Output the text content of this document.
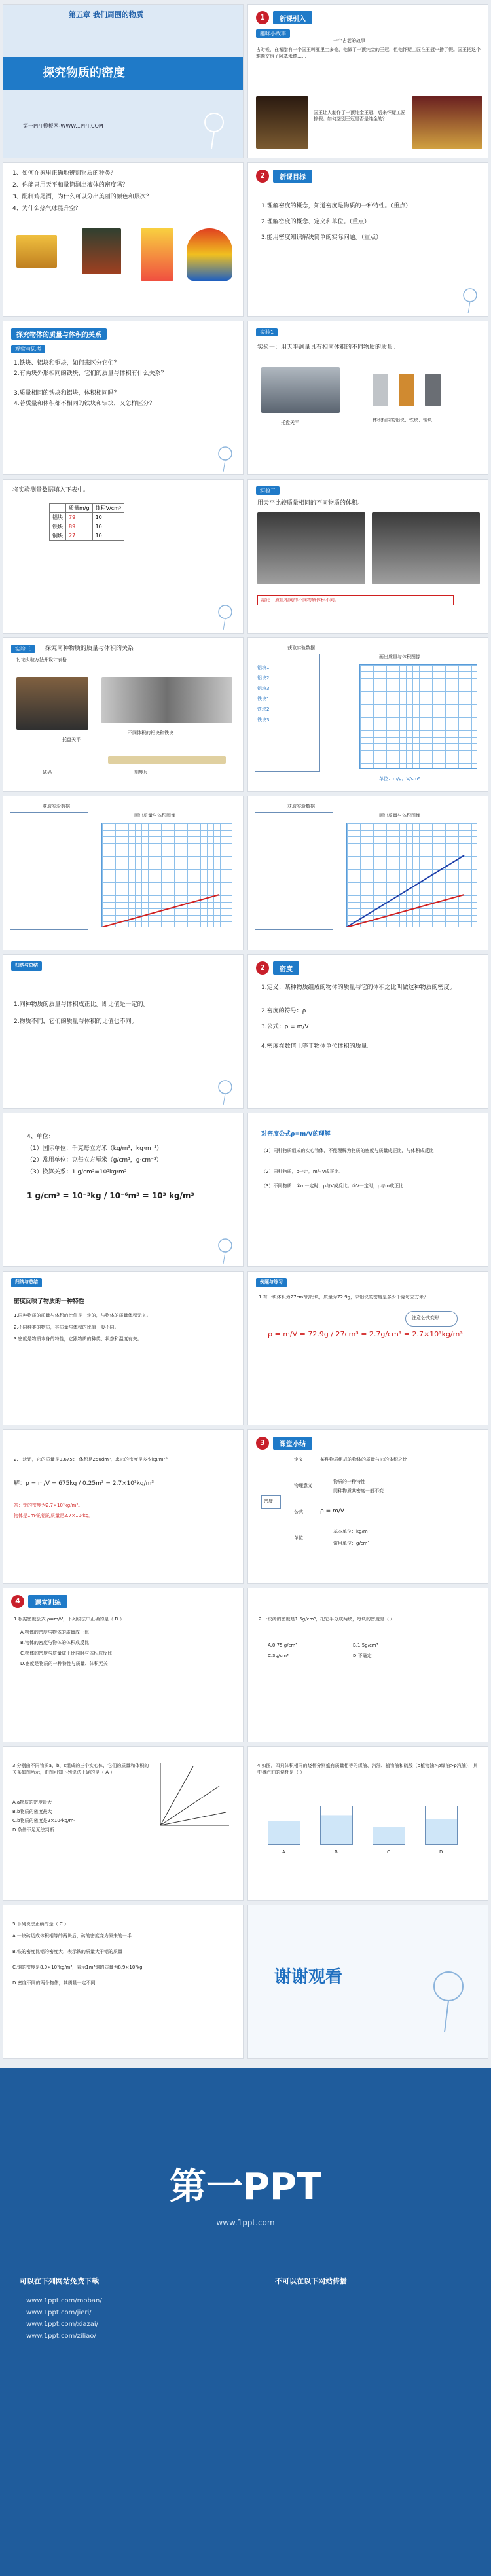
第五章 我们周围的物质
探究物质的密度
第一PPT模板网-WWW.1PPT.COM
1	新课引入
趣味小故事
一个古老的故事
古时候，在希腊有一个国王叫亚里士多德，他做了一顶纯金的王冠，但他怀疑工匠在王冠中掺了假。国王把这个难题交给了阿基米德……
国王让人制作了一顶纯金王冠，后来怀疑工匠掺假。如何鉴别王冠是否是纯金的？
1、如何在家里正确地辨别物质的种类？
2、你能只用天平和量筒测出液体的密度吗？
3、配制鸡尾酒，为什么可以分出美丽的颜色和层次？
4、为什么热气球能升空？
2	新课目标
1.理解密度的概念，知道密度是物质的一种特性。（重点）
2.理解密度的概念、定义和单位。（重点）
3.能用密度知识解决简单的实际问题。（重点）
探究物体的质量与体积的关系
观察与思考
1.铁块、铝块和铜块，如何来区分它们？
2.有两块外形相同的铁块，它们的质量与体积有什么关系？
3.质量相同的铁块和铝块，体积相同吗？
4.若质量和体积都不相同的铁块和铝块，又怎样区分？
实验1
实验一：用天平测量具有相同体积的不同物质的质量。
托盘天平	体积相同的铝块、铁块、铜块
将实验测量数据填入下表中。
	质量m/g	体积V/cm³
铝块	79	10
铁块	89	10
铜块	27	10
实验二
用天平比较质量相同的不同物质的体积。
结论：质量相同的不同物质体积不同。
实验三	探究同种物质的质量与体积的关系
讨论实验方法并设计表格
托盘天平
砝码
不同体积的铝块和铁块
刻度尺
获取实验数据
铝块1
铝块2
铝块3
铁块1
铁块2
铁块3
画出质量与体积图像
单位：m/g，V/cm³
获取实验数据
画出质量与体积图像
获取实验数据
画出质量与体积图像
归纳与总结
1.同种物质的质量与体积成正比。即比值是一定的。
2.物质不同，它们的质量与体积的比值也不同。
2	密度
1.定义：某种物质组成的物体的质量与它的体积之比叫做这种物质的密度。
2.密度的符号：ρ
3.公式：ρ = m/V
4.密度在数值上等于物体单位体积的质量。
4、单位：
（1）国际单位：千克每立方米（kg/m³，kg·m⁻³）
（2）常用单位：克每立方厘米（g/cm³，g·cm⁻³）
（3）换算关系：1 g/cm³=10³kg/m³
1 g/cm³ = 10⁻³kg / 10⁻⁶m³ = 10³ kg/m³
对密度公式ρ=m/V的理解
（1）同种物质组成的实心物体，不能理解为物质的密度与质量成正比，与体积成反比
（2）同种物质，ρ一定，m与V成正比。
（3）不同物质：①m一定时，ρ与V成反比。②V一定时，ρ与m成正比
归纳与总结
密度反映了物质的一种特性
1.同种物质的质量与体积的比值是一定的，与物体的质量体积无关。
2.不同种类的物质，其质量与体积的比值一般不同。
3.密度是物质本身的特性，它跟物质的种类、状态和温度有关。
例题与练习
1.有一块体积为27cm³的铝块，质量为72.9g，求铝块的密度是多少千克每立方米？
ρ = m/V = 72.9g / 27cm³ = 2.7g/cm³ = 2.7×10³kg/m³
注意公式变形
2.一块铝，它的质量是0.675t，体积是250dm³，求它的密度是多少kg/m³？
解：ρ = m/V = 675kg / 0.25m³ = 2.7×10³kg/m³
答：铝的密度为2.7×10³kg/m³。
物体是1m³的铝的质量是2.7×10³kg。
3	课堂小结
密度
定义	某种物质组成的物体的质量与它的体积之比
物理意义
物质的一种特性
同种物质其密度一般不变
公式	ρ = m/V
单位
基本单位：kg/m³
常用单位：g/cm³
4	课堂训练
1.根据密度公式 ρ=m/V，下列说法中正确的是（ D ）
A.物体的密度与物体的质量成正比
B.物体的密度与物体的体积成反比
C.物体的密度与质量成正比同时与体积成反比
D.密度是物质的一种特性与质量、体积无关
2.一块砖的密度是1.5g/cm³，把它平分成两块，每块的密度是（ ）
A.0.75 g/cm³	B.1.5g/cm³
C.3g/cm³	D.不确定
3.分别由不同物质a、b、c组成的三个实心体，它们的质量和体积的关系如图所示，由图可知下列说法正确的是（ A ）
A.a物质的密度最大
B.b物质的密度最大
C.b物质的密度是2×10³kg/m³
D.条件不足无法判断
4.如图，四只体积相同的烧杯分别盛有质量相等的煤油、汽油、植物油和硫酸（ρ植物油>ρ煤油>ρ汽油），其中盛汽油的烧杯是（ ）
A	B	C	D
5.下列说法正确的是（ C ）
A.一块砖切成体积相等的两块后，砖的密度变为原来的一半
B.铁的密度比铝的密度大，表示铁的质量大于铝的质量
C.铜的密度是8.9×10³kg/m³，表示1m³铜的质量为8.9×10³kg
D.密度不同的两个物体，其质量一定不同	谢谢观看
第一PPT
www.1ppt.com
可以在下列网站免费下载	不可以在以下网站传播
www.1ppt.com/moban/
www.1ppt.com/jieri/
www.1ppt.com/xiazai/
www.1ppt.com/ziliao/
